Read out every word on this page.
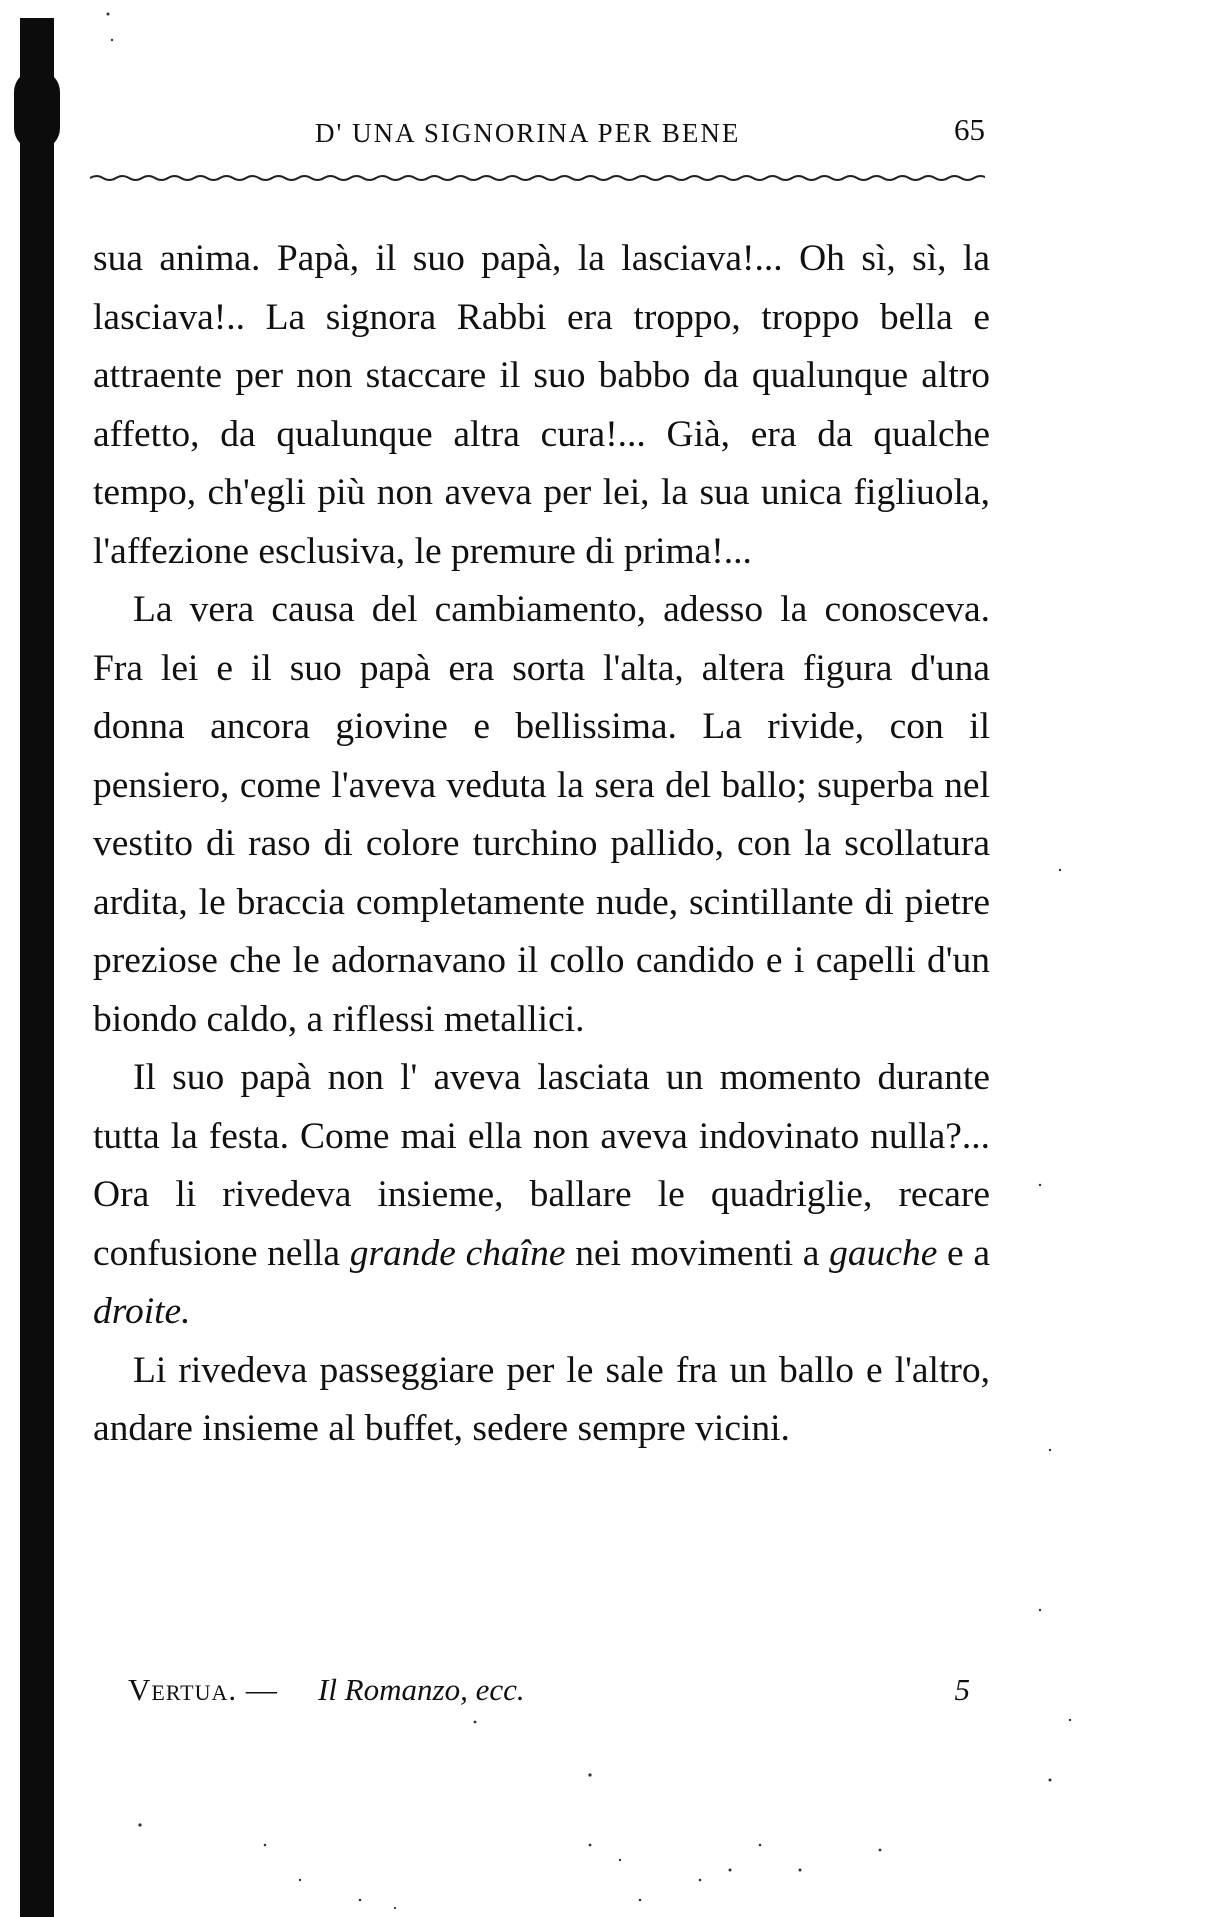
D' UNA SIGNORINA PER BENE	65

sua anima. Papà, il suo papà, la lasciava!... Oh sì, sì, la lasciava!.. La signora Rabbi era troppo, troppo bella e attraente per non staccare il suo babbo da qualunque altro affetto, da qualunque altra cura!... Già, era da qualche tempo, ch'egli più non aveva per lei, la sua unica figliuola, l'affezione esclusiva, le premure di prima!...

La vera causa del cambiamento, adesso la conosceva. Fra lei e il suo papà era sorta l'alta, altera figura d'una donna ancora giovine e bellissima. La rivide, con il pensiero, come l'aveva veduta la sera del ballo; superba nel vestito di raso di colore turchino pallido, con la scollatura ardita, le braccia completamente nude, scintillante di pietre preziose che le adornavano il collo candido e i capelli d'un biondo caldo, a riflessi metallici.

Il suo papà non l' aveva lasciata un momento durante tutta la festa. Come mai ella non aveva indovinato nulla?... Ora li rivedeva insieme, ballare le quadriglie, recare confusione nella grande chaîne nei movimenti a gauche e a droite.

Li rivedeva passeggiare per le sale fra un ballo e l'altro, andare insieme al buffet, sedere sempre vicini.

Vertua. — Il Romanzo, ecc.	5
